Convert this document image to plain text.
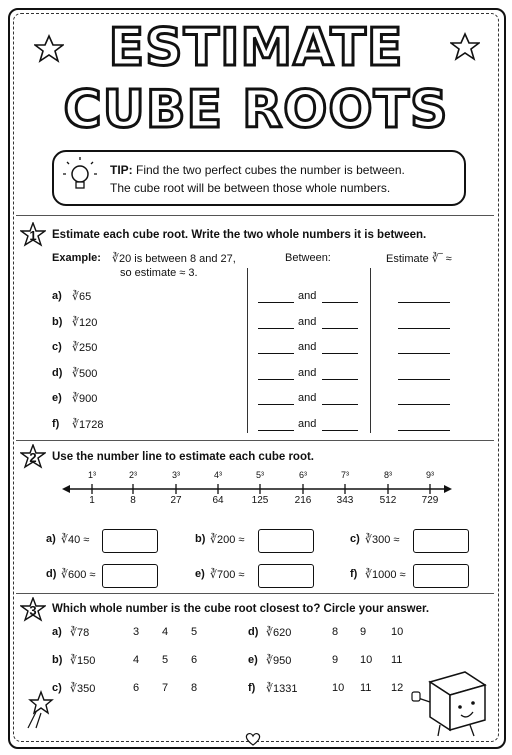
ESTIMATE
CUBE ROOTS
TIP: Find the two perfect cubes the number is between.
The cube root will be between those whole numbers.
1	Estimate each cube root. Write the two whole numbers it is between.
Example: ∛20 is between 8 and 27,
so estimate ≈ 3.
Between:	Estimate ∛‾ ≈
a) ∛65	and
b) ∛120	and
c) ∛250	and
d) ∛500	and
e) ∛900	and
f) ∛1728	and
2	Use the number line to estimate each cube root.
1³
1
2³
8
3³
27
4³
64
5³
125
6³
216
7³
343
8³
512
9³
729
a) ∛40 ≈	b) ∛200 ≈	c) ∛300 ≈
d) ∛600 ≈	e) ∛700 ≈	f) ∛1000 ≈
3	Which whole number is the cube root closest to? Circle your answer.
a) ∛78	3 4 5
b) ∛150	4 5 6
c) ∛350	6 7 8
d) ∛620	8 9 10
e) ∛950	9 10 11
f) ∛1331	10 11 12
